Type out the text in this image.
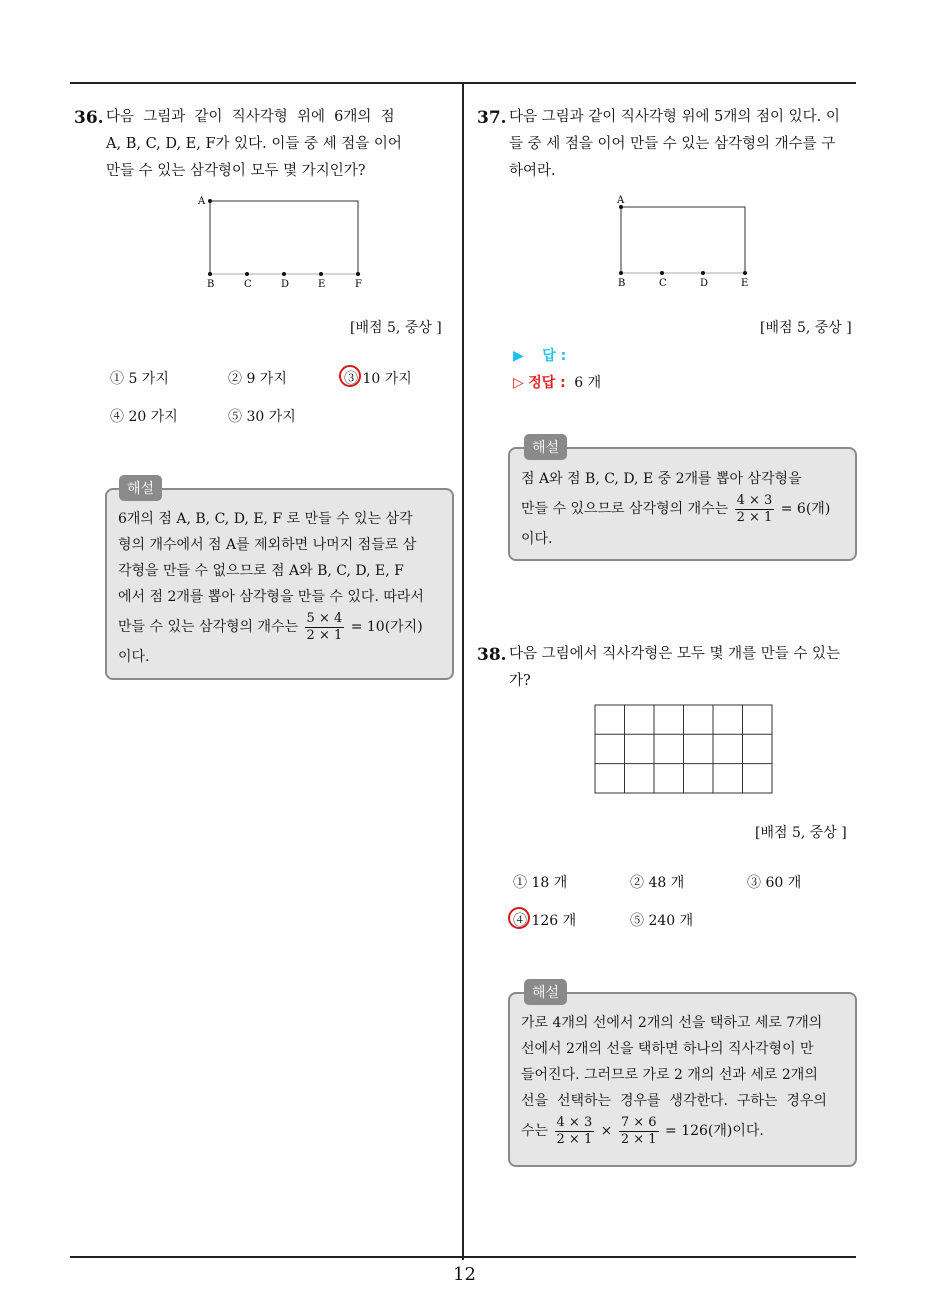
12
36. 다음  그림과  같이  직사각형  위에  6개의  점
A, B, C, D, E, F가 있다. 이들 중 세 점을 이어
만들 수 있는 삼각형이 모두 몇 가지인가?
A
B	C	D	E	F
[배점 5, 중상 ]
① 5 가지	② 9 가지	③ 10 가지
④ 20 가지	⑤ 30 가지
해설
6개의 점 A, B, C, D, E, F 로 만들 수 있는 삼각
형의 개수에서 점 A를 제외하면 나머지 점들로 삼
각형을 만들 수 없으므로 점 A와 B, C, D, E, F
에서 점 2개를 뽑아 삼각형을 만들 수 있다. 따라서
만들 수 있는 삼각형의 개수는 $\frac{5 \times 4}{2 \times 1} = 10$(가지)
이다.
37. 다음 그림과 같이 직사각형 위에 5개의 점이 있다. 이
들 중 세 점을 이어 만들 수 있는 삼각형의 개수를 구
하여라.
A
B	C	D	E
[배점 5, 중상 ]
▶ 답 :
▷ 정답 : 6 개
해설
점 A와 점 B, C, D, E 중 2개를 뽑아 삼각형을
만들 수 있으므로 삼각형의 개수는 $\frac{4 \times 3}{2 \times 1} = 6$(개)
이다.
38. 다음 그림에서 직사각형은 모두 몇 개를 만들 수 있는
가?
[배점 5, 중상 ]
① 18 개	② 48 개	③ 60 개
④ 126 개	⑤ 240 개
해설
가로 4개의 선에서 2개의 선을 택하고 세로 7개의
선에서 2개의 선을 택하면 하나의 직사각형이 만
들어진다. 그러므로 가로 2 개의 선과 세로 2개의
선을  선택하는  경우를  생각한다.  구하는  경우의
수는 $\frac{4 \times 3}{2 \times 1} \times \frac{7 \times 6}{2 \times 1} = 126$(개)이다.
